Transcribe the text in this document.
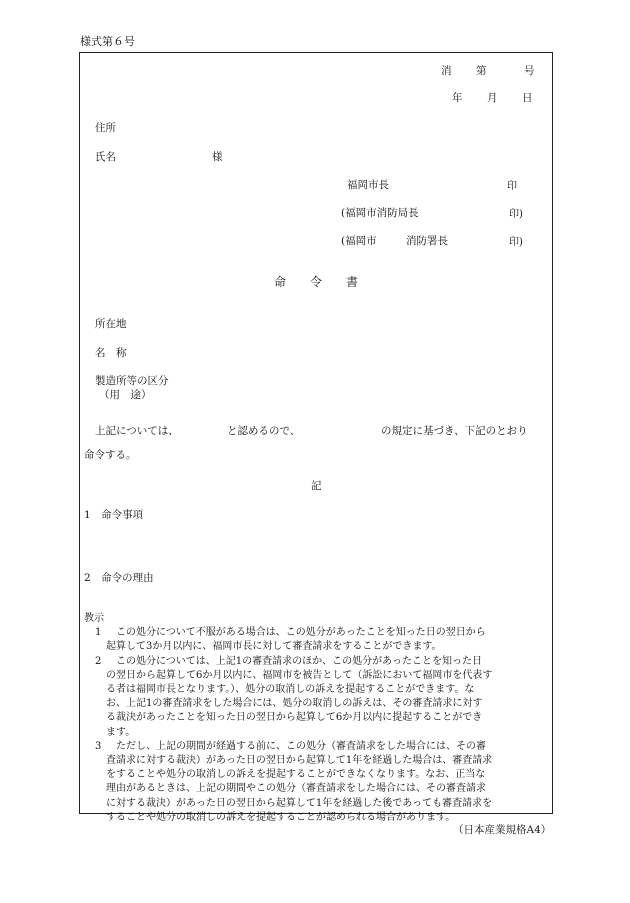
様式第６号
消 第	号
年 月 日
住所
氏名	様
福岡市長	印
(福岡市消防局長	印)
(福岡市	消防署長	印)
命 令 書
所在地
名　称
製造所等の区分
（用　途）
上記については、	と認めるので、	の規定に基づき、下記のとおり
命令する。
記
1　命令事項
2　命令の理由
教示
1	この処分について不服がある場合は、この処分があったことを知った日の翌日から
起算して3か月以内に、福岡市長に対して審査請求をすることができます。
2	この処分については、上記1の審査請求のほか、この処分があったことを知った日
の翌日から起算して6か月以内に、福岡市を被告として（訴訟において福岡市を代表す
る者は福岡市長となります。）、処分の取消しの訴えを提起することができます。な
お、上記1の審査請求をした場合には、処分の取消しの訴えは、その審査請求に対す
る裁決があったことを知った日の翌日から起算して6か月以内に提起することができ
ます。
3	ただし、上記の期間が経過する前に、この処分（審査請求をした場合には、その審
査請求に対する裁決）があった日の翌日から起算して1年を経過した場合は、審査請求
をすることや処分の取消しの訴えを提起することができなくなります。なお、正当な
理由があるときは、上記の期間やこの処分（審査請求をした場合には、その審査請求
に対する裁決）があった日の翌日から起算して1年を経過した後であっても審査請求を
することや処分の取消しの訴えを提起することが認められる場合があります。
（日本産業規格A4）
